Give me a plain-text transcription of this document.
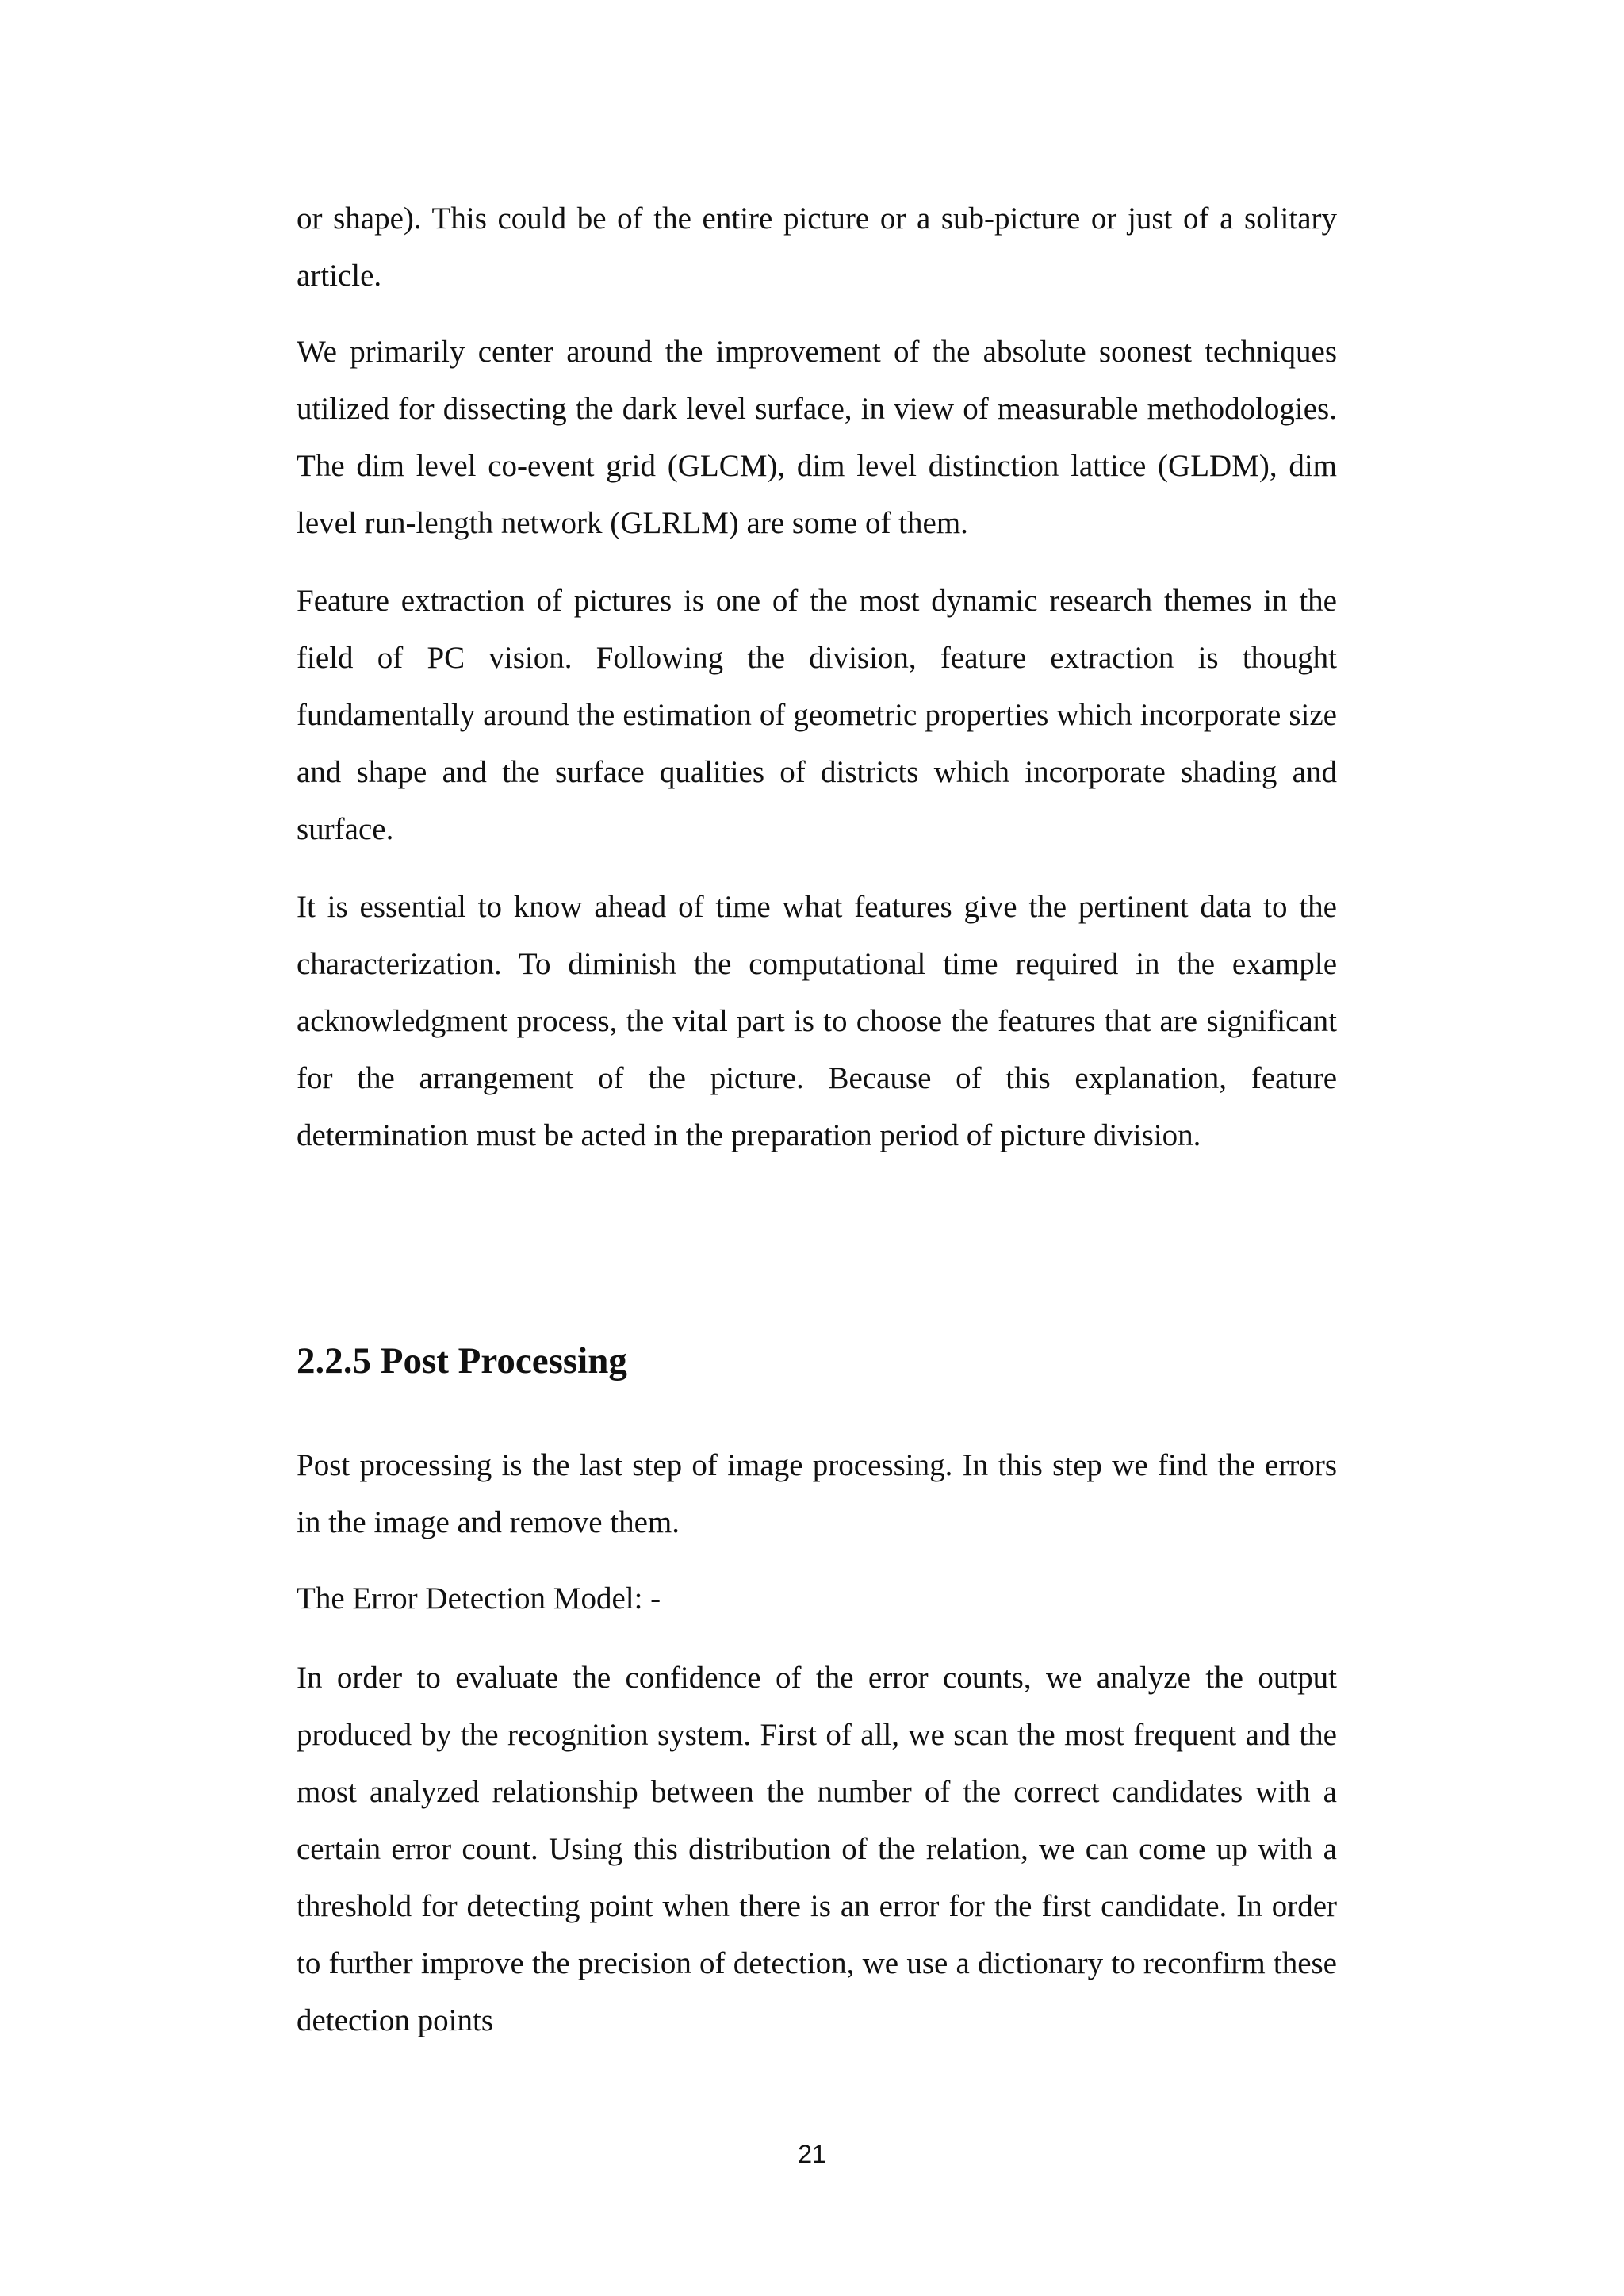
or shape). This could be of the entire picture or a sub-picture or just of a solitary article.

We primarily center around the improvement of the absolute soonest techniques utilized for dissecting the dark level surface, in view of measurable methodologies. The dim level co-event grid (GLCM), dim level distinction lattice (GLDM), dim level run-length network (GLRLM) are some of them.

Feature extraction of pictures is one of the most dynamic research themes in the field of PC vision. Following the division, feature extraction is thought fundamentally around the estimation of geometric properties which incorporate size and shape and the surface qualities of districts which incorporate shading and surface.

It is essential to know ahead of time what features give the pertinent data to the characterization. To diminish the computational time required in the example acknowledgment process, the vital part is to choose the features that are significant for the arrangement of the picture. Because of this explanation, feature determination must be acted in the preparation period of picture division.

2.2.5 Post Processing

Post processing is the last step of image processing. In this step we find the errors in the image and remove them.

The Error Detection Model: -

In order to evaluate the confidence of the error counts, we analyze the output produced by the recognition system. First of all, we scan the most frequent and the most analyzed relationship between the number of the correct candidates with a certain error count. Using this distribution of the relation, we can come up with a threshold for detecting point when there is an error for the first candidate. In order to further improve the precision of detection, we use a dictionary to reconfirm these detection points

21
